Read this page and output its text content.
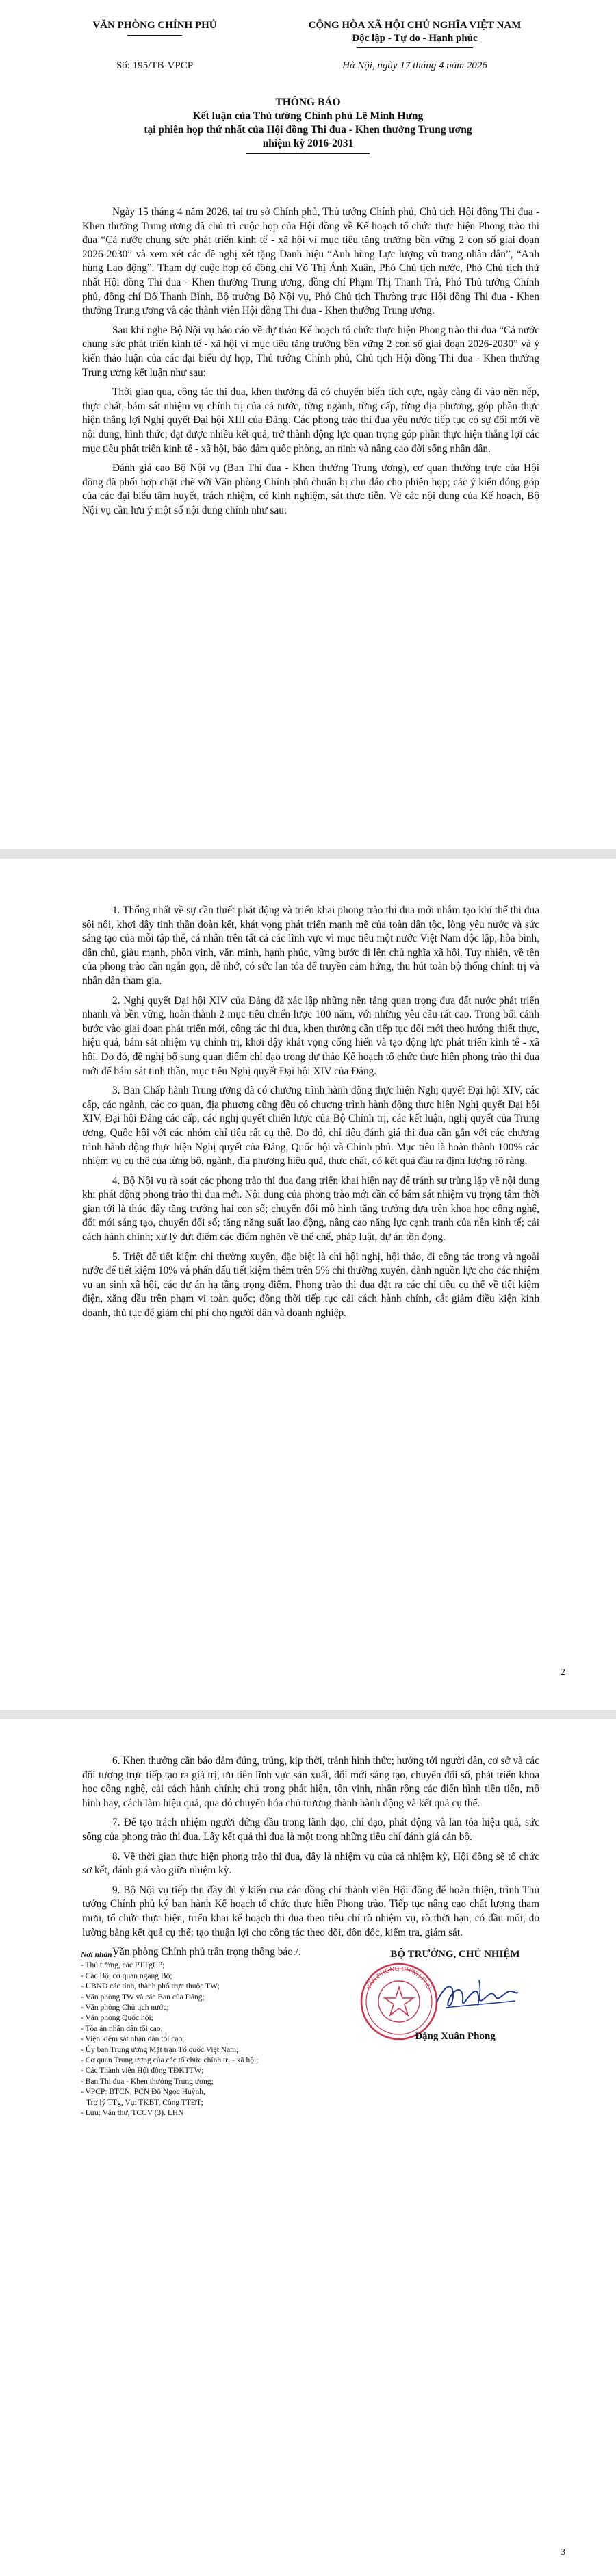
VĂN PHÒNG CHÍNH PHỦ	CỘNG HÒA XÃ HỘI CHỦ NGHĨA VIỆT NAM
Độc lập - Tự do - Hạnh phúc
Số: 195/TB-VPCP	Hà Nội, ngày 17 tháng 4 năm 2026
THÔNG BÁO
Kết luận của Thủ tướng Chính phủ Lê Minh Hưng
tại phiên họp thứ nhất của Hội đồng Thi đua - Khen thưởng Trung ương
nhiệm kỳ 2016-2031

Ngày 15 tháng 4 năm 2026, tại trụ sở Chính phủ, Thủ tướng Chính phủ, Chủ tịch Hội đồng Thi đua - Khen thưởng Trung ương đã chủ trì cuộc họp của Hội đồng về Kế hoạch tổ chức thực hiện Phong trào thi đua “Cả nước chung sức phát triển kinh tế - xã hội vì mục tiêu tăng trưởng bền vững 2 con số giai đoạn 2026-2030” và xem xét các đề nghị xét tặng Danh hiệu “Anh hùng Lực lượng vũ trang nhân dân”, “Anh hùng Lao động”. Tham dự cuộc họp có đồng chí Võ Thị Ánh Xuân, Phó Chủ tịch nước, Phó Chủ tịch thứ nhất Hội đồng Thi đua - Khen thưởng Trung ương, đồng chí Phạm Thị Thanh Trà, Phó Thủ tướng Chính phủ, đồng chí Đỗ Thanh Bình, Bộ trưởng Bộ Nội vụ, Phó Chủ tịch Thường trực Hội đồng Thi đua - Khen thưởng Trung ương và các thành viên Hội đồng Thi đua - Khen thưởng Trung ương.

Sau khi nghe Bộ Nội vụ báo cáo về dự thảo Kế hoạch tổ chức thực hiện Phong trào thi đua “Cả nước chung sức phát triển kinh tế - xã hội vì mục tiêu tăng trưởng bền vững 2 con số giai đoạn 2026-2030” và ý kiến thảo luận của các đại biểu dự họp, Thủ tướng Chính phủ, Chủ tịch Hội đồng Thi đua - Khen thưởng Trung ương kết luận như sau:

Thời gian qua, công tác thi đua, khen thưởng đã có chuyển biến tích cực, ngày càng đi vào nền nếp, thực chất, bám sát nhiệm vụ chính trị của cả nước, từng ngành, từng cấp, từng địa phương, góp phần thực hiện thắng lợi Nghị quyết Đại hội XIII của Đảng. Các phong trào thi đua yêu nước tiếp tục có sự đổi mới về nội dung, hình thức; đạt được nhiều kết quả, trở thành động lực quan trọng góp phần thực hiện thắng lợi các mục tiêu phát triển kinh tế - xã hội, bảo đảm quốc phòng, an ninh và nâng cao đời sống nhân dân.

Đánh giá cao Bộ Nội vụ (Ban Thi đua - Khen thưởng Trung ương), cơ quan thường trực của Hội đồng đã phối hợp chặt chẽ với Văn phòng Chính phủ chuẩn bị chu đáo cho phiên họp; các ý kiến đóng góp của các đại biểu tâm huyết, trách nhiệm, có kinh nghiệm, sát thực tiễn. Về các nội dung của Kế hoạch, Bộ Nội vụ cần lưu ý một số nội dung chính như sau:

1. Thống nhất về sự cần thiết phát động và triển khai phong trào thi đua mới nhằm tạo khí thế thi đua sôi nổi, khơi dậy tinh thần đoàn kết, khát vọng phát triển mạnh mẽ của toàn dân tộc, lòng yêu nước và sức sáng tạo của mỗi tập thể, cá nhân trên tất cả các lĩnh vực vì mục tiêu một nước Việt Nam độc lập, hòa bình, dân chủ, giàu mạnh, phồn vinh, văn minh, hạnh phúc, vững bước đi lên chủ nghĩa xã hội. Tuy nhiên, về tên của phong trào cần ngắn gọn, dễ nhớ, có sức lan tỏa để truyền cảm hứng, thu hút toàn bộ thống chính trị và nhân dân tham gia.

2. Nghị quyết Đại hội XIV của Đảng đã xác lập những nền tảng quan trọng đưa đất nước phát triển nhanh và bền vững, hoàn thành 2 mục tiêu chiến lược 100 năm, với những yêu cầu rất cao. Trong bối cảnh bước vào giai đoạn phát triển mới, công tác thi đua, khen thưởng cần tiếp tục đổi mới theo hướng thiết thực, hiệu quả, bám sát nhiệm vụ chính trị, khơi dậy khát vọng cống hiến và tạo động lực phát triển kinh tế - xã hội. Do đó, đề nghị bổ sung quan điểm chỉ đạo trong dự thảo Kế hoạch tổ chức thực hiện phong trào thi đua mới để bám sát tinh thần, mục tiêu Nghị quyết Đại hội XIV của Đảng.

3. Ban Chấp hành Trung ương đã có chương trình hành động thực hiện Nghị quyết Đại hội XIV, các cấp, các ngành, các cơ quan, địa phương cũng đều có chương trình hành động thực hiện Nghị quyết Đại hội XIV, Đại hội Đảng các cấp, các nghị quyết chiến lược của Bộ Chính trị, các kết luận, nghị quyết của Trung ương, Quốc hội với các nhóm chỉ tiêu rất cụ thể. Do đó, chỉ tiêu đánh giá thi đua cần gắn với các chương trình hành động thực hiện Nghị quyết của Đảng, Quốc hội và Chính phủ. Mục tiêu là hoàn thành 100% các nhiệm vụ cụ thể của từng bộ, ngành, địa phương hiệu quả, thực chất, có kết quả đầu ra định lượng rõ ràng.

4. Bộ Nội vụ rà soát các phong trào thi đua đang triển khai hiện nay để tránh sự trùng lặp về nội dung khi phát động phong trào thi đua mới. Nội dung của phong trào mới cần có bám sát nhiệm vụ trọng tâm thời gian tới là thúc đẩy tăng trưởng hai con số; chuyển đổi mô hình tăng trưởng dựa trên khoa học công nghệ, đổi mới sáng tạo, chuyển đổi số; tăng năng suất lao động, nâng cao năng lực cạnh tranh của nền kinh tế; cải cách hành chính; xử lý dứt điểm các điểm nghẽn về thể chế, pháp luật, dự án tồn đọng.

5. Triệt để tiết kiệm chi thường xuyên, đặc biệt là chi hội nghị, hội thảo, đi công tác trong và ngoài nước để tiết kiệm 10% và phấn đấu tiết kiệm thêm trên 5% chi thường xuyên, dành nguồn lực cho các nhiệm vụ an sinh xã hội, các dự án hạ tầng trọng điểm. Phong trào thi đua đặt ra các chỉ tiêu cụ thể về tiết kiệm điện, xăng dầu trên phạm vi toàn quốc; đồng thời tiếp tục cải cách hành chính, cắt giảm điều kiện kinh doanh, thủ tục để giảm chi phí cho người dân và doanh nghiệp.

2

6. Khen thưởng cần bảo đảm đúng, trúng, kịp thời, tránh hình thức; hướng tới người dân, cơ sở và các đối tượng trực tiếp tạo ra giá trị, ưu tiên lĩnh vực sản xuất, đổi mới sáng tạo, chuyển đổi số, phát triển khoa học công nghệ, cải cách hành chính; chú trọng phát hiện, tôn vinh, nhân rộng các điển hình tiên tiến, mô hình hay, cách làm hiệu quả, qua đó chuyển hóa chủ trương thành hành động và kết quả cụ thể.

7. Để tạo trách nhiệm người đứng đầu trong lãnh đạo, chỉ đạo, phát động và lan tỏa hiệu quả, sức sống của phong trào thi đua. Lấy kết quả thi đua là một trong những tiêu chí đánh giá cán bộ.

8. Về thời gian thực hiện phong trào thi đua, đây là nhiệm vụ của cả nhiệm kỳ, Hội đồng sẽ tổ chức sơ kết, đánh giá vào giữa nhiệm kỳ.

9. Bộ Nội vụ tiếp thu đầy đủ ý kiến của các đồng chí thành viên Hội đồng để hoàn thiện, trình Thủ tướng Chính phủ ký ban hành Kế hoạch tổ chức thực hiện Phong trào. Tiếp tục nâng cao chất lượng tham mưu, tổ chức thực hiện, triển khai kế hoạch thi đua theo tiêu chí rõ nhiệm vụ, rõ thời hạn, có đầu mối, đo lường bằng kết quả cụ thể; tạo thuận lợi cho công tác theo dõi, đôn đốc, kiểm tra, giám sát.

Văn phòng Chính phủ trân trọng thông báo./.

Nơi nhận :
- Thủ tướng, các PTTgCP;
- Các Bộ, cơ quan ngang Bộ;
- UBND các tỉnh, thành phố trực thuộc TW;
- Văn phòng TW và các Ban của Đảng;
- Văn phòng Chủ tịch nước;
- Văn phòng Quốc hội;
- Tòa án nhân dân tối cao;
- Viện kiểm sát nhân dân tối cao;
- Ủy ban Trung ương Mặt trận Tổ quốc Việt Nam;
- Cơ quan Trung ương của các tổ chức chính trị - xã hội;
- Các Thành viên Hội đồng TĐKTTW;
- Ban Thi đua - Khen thưởng Trung ương;
- VPCP: BTCN, PCN Đỗ Ngọc Huỳnh,
Trợ lý TTg, Vụ: TKBT, Công TTĐT;
- Lưu: Văn thư, TCCV (3). LHN
BỘ TRƯỞNG, CHỦ NHIỆM
VĂN PHÒNG CHÍNH PHỦ
Đặng Xuân Phong
3
